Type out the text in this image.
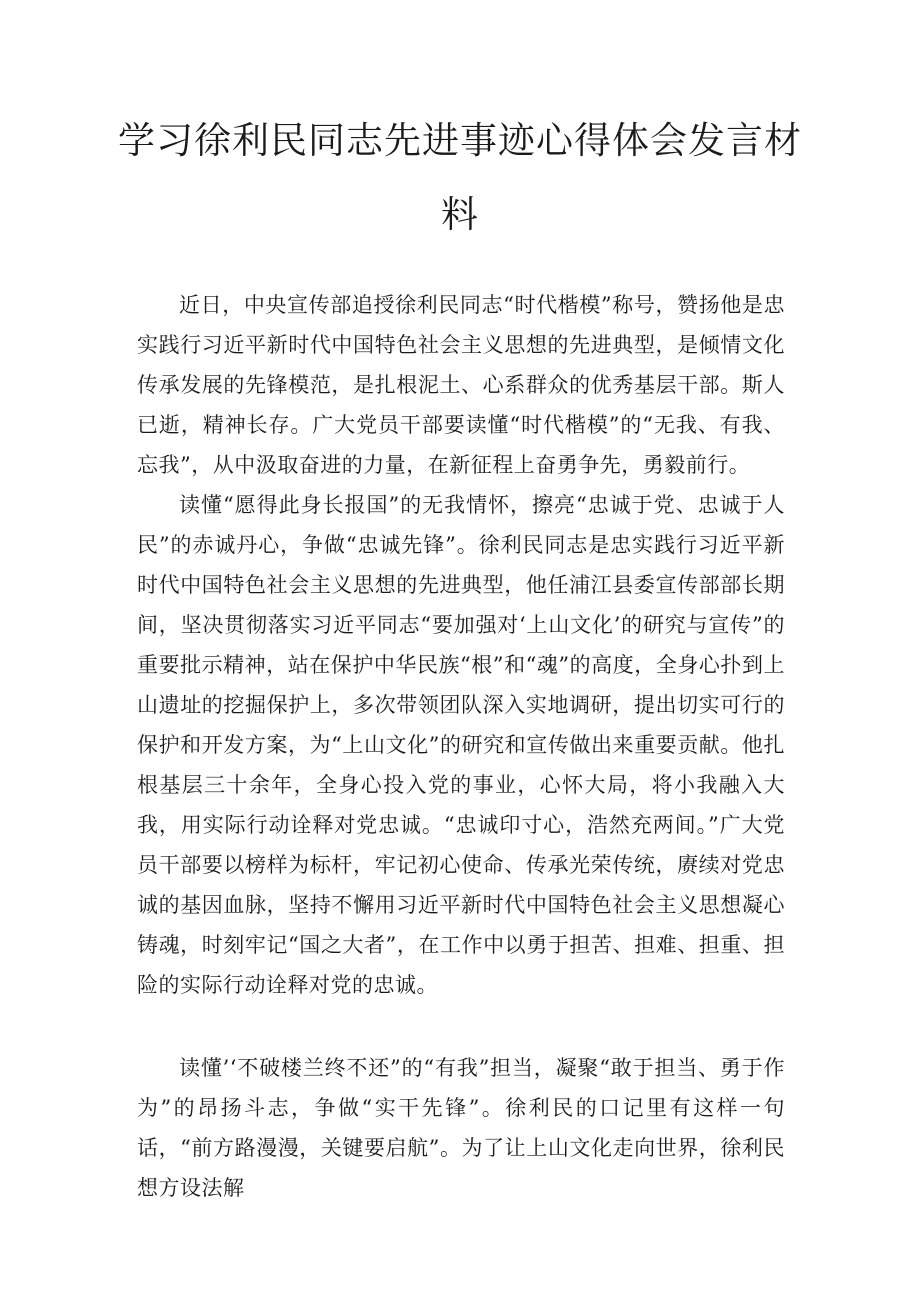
学习徐利民同志先进事迹心得体会发言材
料

近日，中央宣传部追授徐利民同志“时代楷模”称号，赞扬他是忠实践行习近平新时代中国特色社会主义思想的先进典型，是倾情文化传承发展的先锋模范，是扎根泥土、心系群众的优秀基层干部。斯人已逝，精神长存。广大党员干部要读懂“时代楷模”的“无我、有我、忘我”，从中汲取奋进的力量，在新征程上奋勇争先，勇毅前行。

读懂“愿得此身长报国”的无我情怀，擦亮“忠诚于党、忠诚于人民”的赤诚丹心，争做“忠诚先锋”。徐利民同志是忠实践行习近平新时代中国特色社会主义思想的先进典型，他任浦江县委宣传部部长期间，坚决贯彻落实习近平同志“要加强对‘上山文化’的研究与宣传”的重要批示精神，站在保护中华民族“根”和“魂”的高度，全身心扑到上山遗址的挖掘保护上，多次带领团队深入实地调研，提出切实可行的保护和开发方案，为“上山文化”的研究和宣传做出来重要贡献。他扎根基层三十余年，全身心投入党的事业，心怀大局，将小我融入大我，用实际行动诠释对党忠诚。“忠诚印寸心，浩然充两间。”广大党员干部要以榜样为标杆，牢记初心使命、传承光荣传统，赓续对党忠诚的基因血脉，坚持不懈用习近平新时代中国特色社会主义思想凝心铸魂，时刻牢记“国之大者”，在工作中以勇于担苦、担难、担重、担险的实际行动诠释对党的忠诚。

读懂’‘不破楼兰终不还”的“有我”担当，凝聚“敢于担当、勇于作为”的昂扬斗志，争做“实干先锋”。徐利民的口记里有这样一句话，“前方路漫漫，关键要启航”。为了让上山文化走向世界，徐利民想方设法解
